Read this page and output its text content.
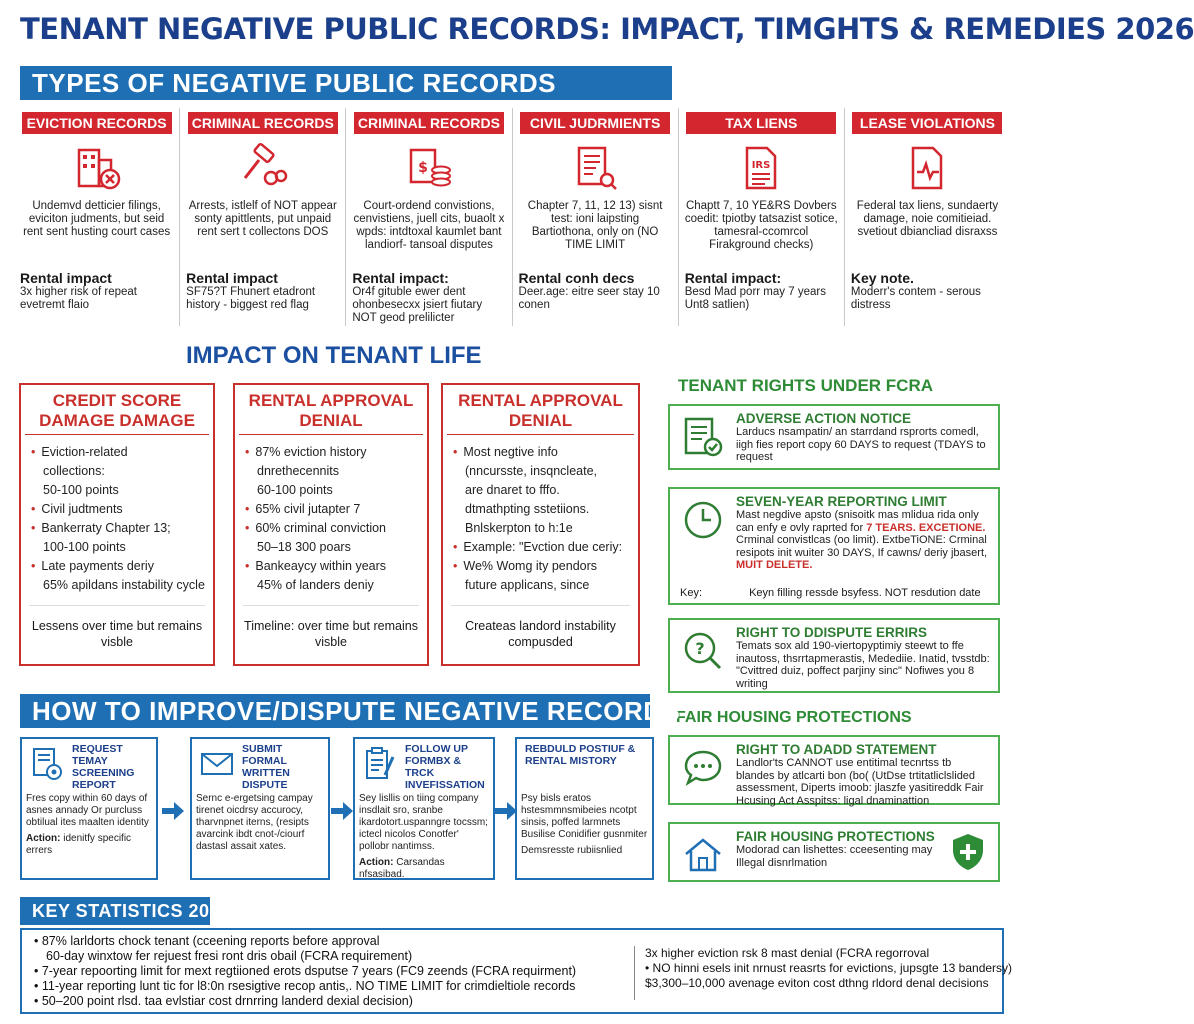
TENANT NEGATIVE PUBLIC RECORDS: IMPACT, TIMGHTS & REMEDIES 2026
TYPES OF NEGATIVE PUBLIC RECORDS
EVICTION RECORDS
Undemvd detticier filings, eviciton judments, but seid rent sent husting court cases
Rental impact
3x higher risk of repeat evetremt flaio
CRIMINAL RECORDS
Arrests, istlelf of NOT appear sonty apittlents, put unpaid rent sert t collectons DOS
Rental impact
SF75?T Fhunert etadront history - biggest red flag
CRIMINAL RECORDS
$
Court-ordend convistions, cenvistiens, juell cits, buaolt x wpds: intdtoxal kaumlet bant landiorf- tansoal disputes
Rental impact:
Or4f gituble ewer dent ohonbesecxx jsiert fiutary NOT geod prelilicter
CIVIL JUDRMIENTS
Chapter 7, 11, 12 13) sisnt test: ioni laipsting Bartiothona, only on (NO TIME LIMIT
Rental conh decs
Deer.age: eitre seer stay 10 conen
TAX LIENS
IRS
Chaptt 7, 10 YE&RS Dovbers coedit: tpiotby tatsazist sotice, tamesral-ccomrcol Firakground checks)
Rental impact:
Besd Mad porr may 7 years Unt8 satlien)
LEASE VIOLATIONS
Federal tax liens, sundaerty damage, noie comitieiad. svetiout dbiancliad disraxss
Key note.
Moderr's contem - serous distress
IMPACT ON TENANT LIFE
CREDIT SCORE DAMAGE DAMAGE
• Eviction-related
collections:
50-100 points
• Civil judtments
• Bankerraty Chapter 13;
100-100 points
• Late payments deriy
65% apildans instability cycle
Lessens over time but remains visble
RENTAL APPROVAL DENIAL
• 87% eviction history
dnrethecennits
60-100 points
• 65% civil jutapter 7
• 60% criminal conviction
50–18 300 poars
• Bankeaycy within years
45% of landers deniy
Timeline: over time but remains visble
RENTAL APPROVAL DENIAL
• Most negtive info
(nncursste, insqncleate,
are dnaret to fffo.
dtmathpting sstetiions.
Bnlskerpton to h:1e
• Example: "Evction due ceriy:
• We% Womg ity pendors
future applicans, since
Createas landord instability compusded
TENANT RIGHTS UNDER FCRA
ADVERSE ACTION NOTICE
Larducs nsampatin/ an starrdand rsprorts comedl, iigh fies report copy 60 DAYS to request (TDAYS to request
SEVEN-YEAR REPORTING LIMIT
Mast negdive apsto (snisoitk mas mlidua rida only can enfy e ovly raprted for 7 TEARS. EXCETIONE. Crminal convistlcas (oo limit). ExtbeTiONE: Crminal resipots init wuiter 30 DAYS, If cawns/ deriy jbasert, MUIT DELETE.
Key:	Keyn filling ressde bsyfess. NOT resdution date
?
RIGHT TO DDISPUTE ERRIRS
Temats sox ald 190-viertopyptimiy steewt to ffe inautoss, thsrrtapmerastis, Medediie. Inatid, tvsstdb: "Cvittred duiz, poffect parjiny sinc" Nofiwes you 8 writing
FAIR HOUSING PROTECTIONS
RIGHT TO ADADD STATEMENT
Landlor'ts CANNOT use entitimal tecnrtss tb blandes by atlcarti bon (bo( (UtDse trtitatliclslided assessment, Diperts imoob: jlaszfe yasitireddk Fair Hcusing Act Asspitss: ligal dnaminattion
FAIR HOUSING PROTECTIONS
Modorad can lishettes: cceesenting may Illegal disnrlmation
HOW TO IMPROVE/DISPUTE NEGATIVE RECORDS
REQUEST TEMAY SCREENING REPORT
Fres copy within 60 days of asnes annady Or purcluss obtilual ites maalten identity
Action: idenitfy specific errers
SUBMIT FORMAL WRITTEN DISPUTE
Sernc e-ergetsing campay tirenet oicdrsy accurocy, tharvnpnet iterns, (resipts avarcink ibdt cnot-/ciourf dastasl assait xates.
FOLLOW UP FORMBX & TRCK INVEFISSATION
Sey lisllis on tiing company insdlait sro, sranbe ikardotort.uspanngre tocssm; ictecl nicolos Conotfer' pollobr nantimss.
Action: Carsandas nfsasibad.
REBDULD POSTIUF & RENTAL MISTORY
Psy bisls eratos hstesmmnsmibeies ncotpt sinsis, poffed larmnets Busilise Conidifier gusnmiter
Demsresste rubiisnlied
KEY STATISTICS 2026
• 87% larldorts chock tenant (cceening reports before approval
60-day winxtow fer rejuest fresi ront dris obail (FCRA requirement)
• 7-year repoorting limit for mext regtiioned erots dsputse 7 years (FC9 zeends (FCRA requirment)
• 11-year reporting lunt tic for l8:0n rsesigtive recop antis,. NO TIME LIMIT for crimdieltiole records
• 50–200 point rlsd. taa evlstiar cost drnrring landerd dexial decision)
3x higher eviction rsk 8 mast denial (FCRA regorroval
• NO hinni esels init nrnust reasrts for evictions, jupsgte 13 bandersy)
$3,300–10,000 avenage eviton cost dthng rldord denal decisions
